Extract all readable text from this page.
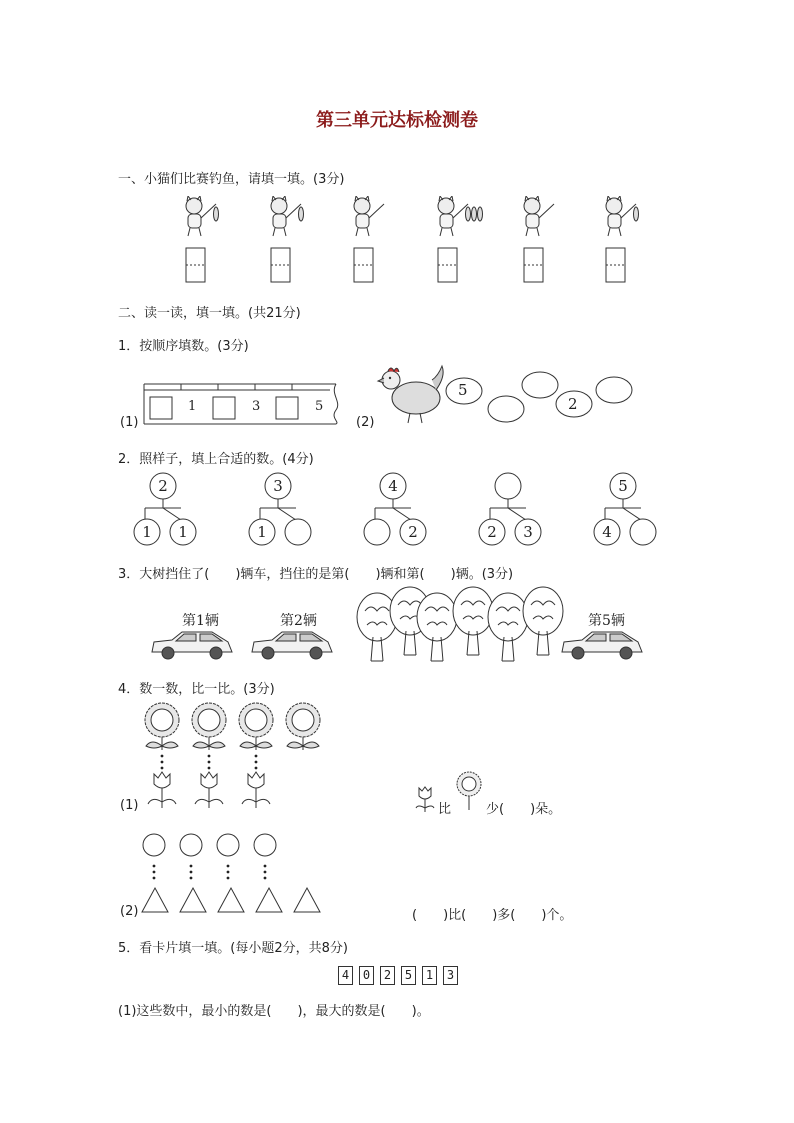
第三单元达标检测卷
一、小猫们比赛钓鱼，请填一填。(3分)
二、读一读，填一填。(共21分)
1．按顺序填数。(3分)
(1)
1	3	5
(2)
5
2
2．照样子，填上合适的数。(4分)
2
1 1
3
1
4
2	2 3
5
4
3．大树挡住了(　　)辆车，挡住的是第(　　)辆和第(　　)辆。(3分)
第1辆	第2辆	第5辆
4．数一数，比一比。(3分)
(1)	比	少(　　)朵。
(2)	(　　)比(　　)多(　　)个。
5．看卡片填一填。(每小题2分，共8分)
4	0	2	5	1	3
(1)这些数中，最小的数是(　　)，最大的数是(　　)。
